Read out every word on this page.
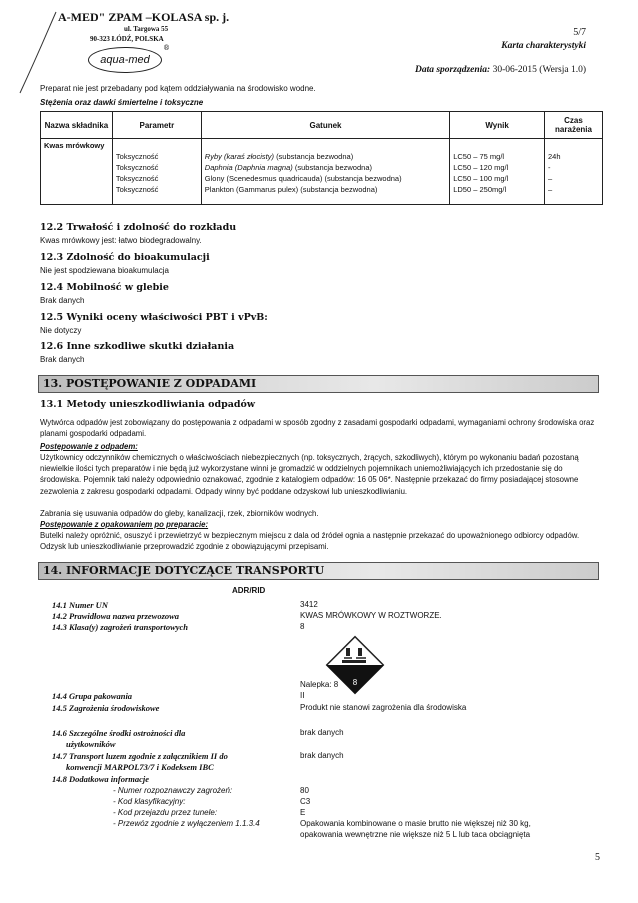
A-MED" ZPAM –KOLASA sp. j.
ul. Targowa 55
90-323 ŁÓDŹ, POLSKA
aqua-med
®
5/7
Karta charakterystyki
Data sporządzenia: 30-06-2015 (Wersja 1.0)
Preparat nie jest przebadany pod kątem oddziaływania na środowisko wodne.
Stężenia oraz dawki śmiertelne i toksyczne
Nazwa składnika	Parametr	Gatunek	Wynik	Czas narażenia
Kwas mrówkowy				
	Toksyczność	Ryby (karaś złocisty) (substancja bezwodna)	LC50 – 75 mg/l	24h
	Toksyczność	Daphnia (Daphnia magna) (substancja bezwodna)	LC50 – 120 mg/l	-
	Toksyczność	Glony (Scenedesmus quadricauda) (substancja bezwodna)	LC50 – 100 mg/l	–
	Toksyczność	Plankton (Gammarus pulex) (substancja bezwodna)	LD50 – 250mg/l	–
12.2 Trwałość i zdolność do rozkładu
Kwas mrówkowy jest: łatwo biodegradowalny.
12.3 Zdolność do bioakumulacji
Nie jest spodziewana bioakumulacja
12.4 Mobilność w glebie
Brak danych
12.5 Wyniki oceny właściwości PBT i vPvB:
Nie dotyczy
12.6 Inne szkodliwe skutki działania
Brak danych
13. POSTĘPOWANIE Z ODPADAMI
13.1 Metody unieszkodliwiania odpadów
Wytwórca odpadów jest zobowiązany do postępowania z odpadami w sposób zgodny z zasadami gospodarki odpadami, wymaganiami ochrony środowiska oraz planami gospodarki odpadami.
Postępowanie z odpadem:
Użytkownicy odczynników chemicznych o właściwościach niebezpiecznych (np. toksycznych, żrących, szkodliwych), którym po wykonaniu badań pozostaną niewielkie ilości tych preparatów i nie będą już wykorzystane winni je gromadzić w oddzielnych pojemnikach uniemożliwiających ich przedostanie się do środowiska. Pojemnik taki należy odpowiednio oznakować, zgodnie z katalogiem odpadów: 16 05 06*. Następnie przekazać do firmy posiadającej stosowne zezwolenia z zakresu gospodarki odpadami. Odpady winny być poddane odzyskowi lub unieszkodliwianiu.
Zabrania się usuwania odpadów do gleby, kanalizacji, rzek, zbiorników wodnych.
Postępowanie z opakowaniem po preparacie:
Butelki należy opróżnić, osuszyć i przewietrzyć w bezpiecznym miejscu z dala od źródeł ognia a następnie przekazać do upoważnionego odbiorcy odpadów. Odzysk lub unieszkodliwianie przeprowadzić zgodnie z obowiązującymi przepisami.
14. INFORMACJE DOTYCZĄCE TRANSPORTU
ADR/RID
14.1 Numer UN	3412
14.2 Prawidłowa nazwa przewozowa	KWAS MRÓWKOWY W ROZTWORZE.
14.3 Klasa(y) zagrożeń transportowych	8
8
Nalepka: 8
14.4 Grupa pakowania	II
14.5 Zagrożenia środowiskowe	Produkt nie stanowi zagrożenia dla środowiska
14.6 Szczególne środki ostrożności dla
użytkowników
brak danych
14.7 Transport luzem zgodnie z załącznikiem II do
konwencji MARPOL73/7 i Kodeksem IBC
brak danych
14.8 Dodatkowa informacje
- Numer rozpoznawczy zagrożeń:	80
- Kod klasyfikacyjny:	C3
- Kod przejazdu przez tunele:	E
- Przewóz zgodnie z wyłączeniem 1.1.3.4	Opakowania kombinowane o masie brutto nie większej niż 30 kg,
opakowania wewnętrzne nie większe niż 5 L lub taca obciągnięta
5
